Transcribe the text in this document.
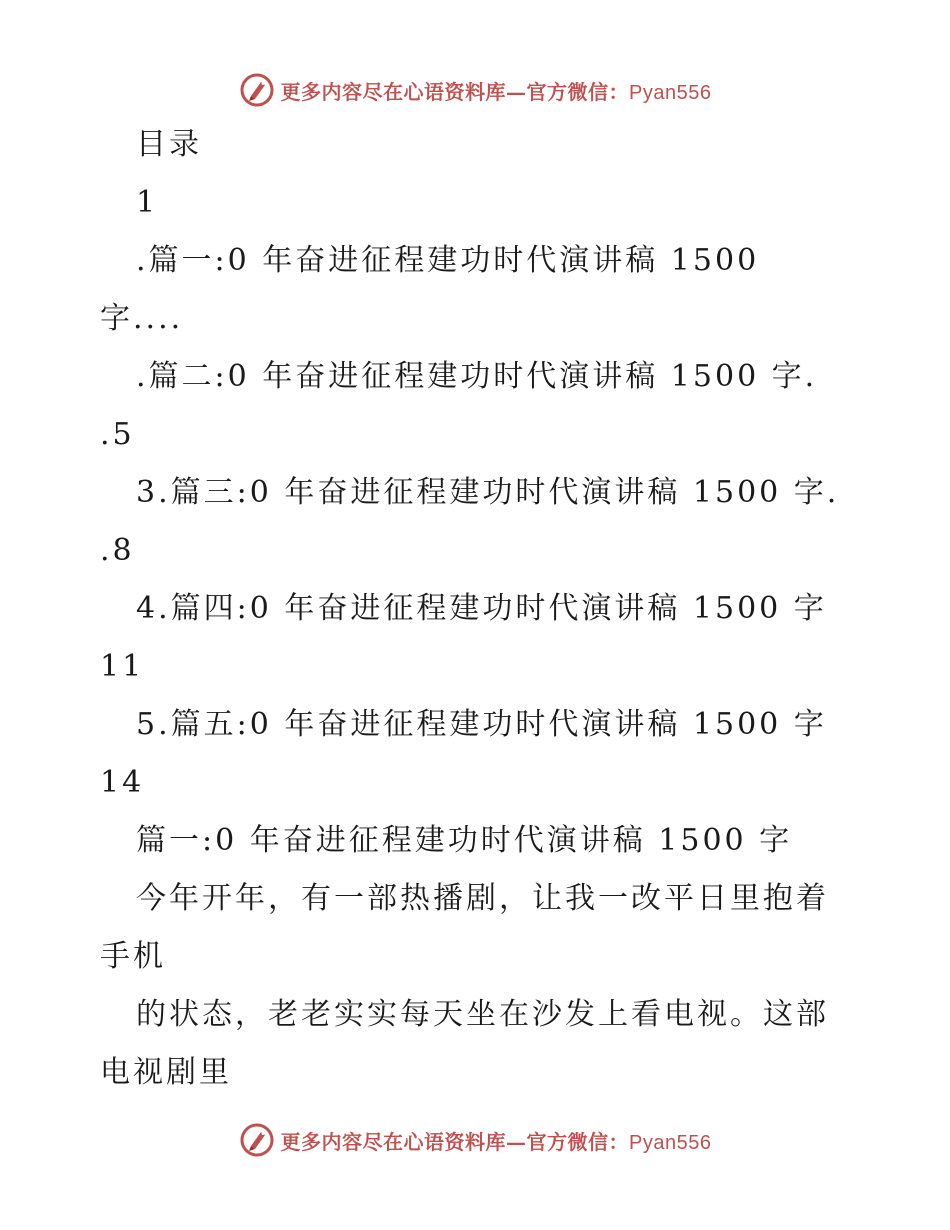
更多内容尽在心语资料库—官方微信：Pyan556
目录
1
.篇一:0 年奋进征程建功时代演讲稿 1500
字....
.篇二:0 年奋进征程建功时代演讲稿 1500 字.
.5
3.篇三:0 年奋进征程建功时代演讲稿 1500 字.
.8
4.篇四:0 年奋进征程建功时代演讲稿 1500 字
11
5.篇五:0 年奋进征程建功时代演讲稿 1500 字
14
篇一:0 年奋进征程建功时代演讲稿 1500 字
今年开年，有一部热播剧，让我一改平日里抱着
手机
的状态，老老实实每天坐在沙发上看电视。这部
电视剧里
更多内容尽在心语资料库—官方微信：Pyan556
